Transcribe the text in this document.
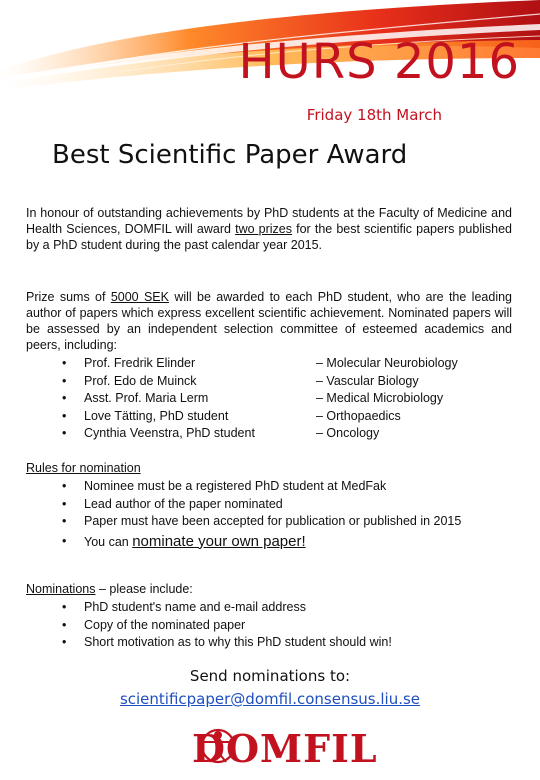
HURS 2016
Friday 18th March
Best Scientific Paper Award

In honour of outstanding achievements by PhD students at the Faculty of Medicine and Health Sciences, DOMFIL will award two prizes for the best scientific papers published by a PhD student during the past calendar year 2015.

Prize sums of 5000 SEK will be awarded to each PhD student, who are the leading author of papers which express excellent scientific achievement. Nominated papers will be assessed by an independent selection committee of esteemed academics and peers, including:

• Prof. Fredrik Elinder	– Molecular Neurobiology
• Prof. Edo de Muinck	– Vascular Biology
• Asst. Prof. Maria Lerm	– Medical Microbiology
• Love Tätting, PhD student	– Orthopaedics
• Cynthia Veenstra, PhD student	– Oncology
Rules for nomination
• Nominee must be a registered PhD student at MedFak
• Lead author of the paper nominated
• Paper must have been accepted for publication or published in 2015
• You can nominate your own paper!
Nominations – please include:
• PhD student's name and e-mail address
• Copy of the nominated paper
• Short motivation as to why this PhD student should win!
Send nominations to:
scientificpaper@domfil.consensus.liu.se
DOMFIL
